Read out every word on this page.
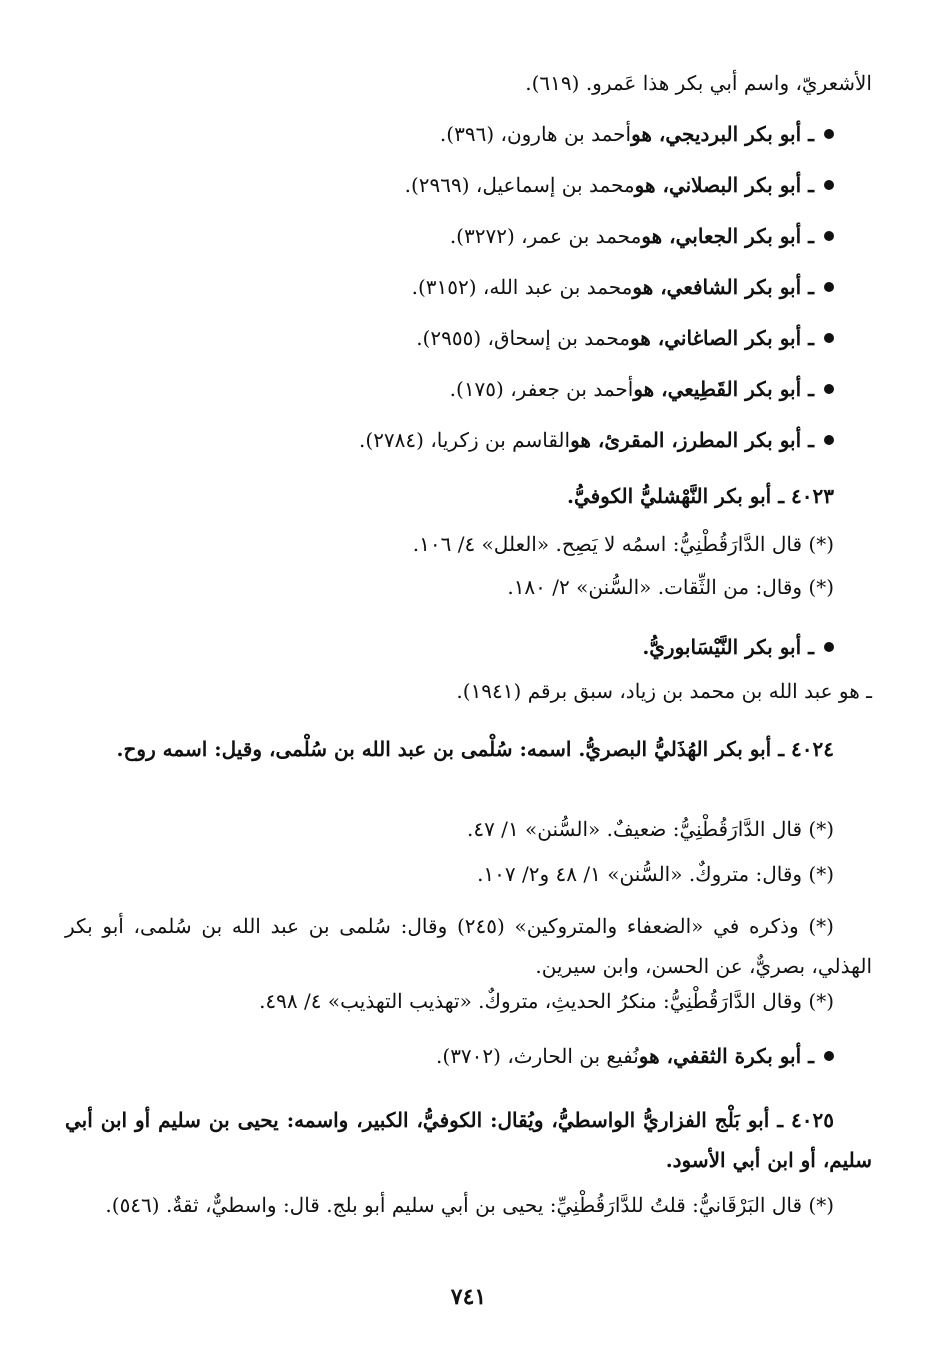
الأشعريّ، واسم أبي بكر هذا عَمرو. (٦١٩).

ـ أبو بكر البرديجي، هو
أحمد بن هارون، (٣٩٦).
ـ أبو بكر البصلاني، هو
محمد بن إسماعيل، (٢٩٦٩).
ـ أبو بكر الجعابي، هو
محمد بن عمر، (٣٢٧٢).
ـ أبو بكر الشافعي، هو
محمد بن عبد الله، (٣١٥٢).
ـ أبو بكر الصاغاني، هو
محمد بن إسحاق، (٢٩٥٥).
ـ أبو بكر القَطِيعي، هو
أحمد بن جعفر، (١٧٥).
ـ أبو بكر المطرز، المقرئ، هو
القاسم بن زكريا، (٢٧٨٤).

٤٠٢٣ ـ أبو بكر النَّهْشليُّ الكوفيُّ.

(*) قال الدَّارَقُطْنِيُّ: اسمُه لا يَصِح. «العلل» ٤/ ١٠٦.

(*) وقال: من الثِّقات. «السُّنن» ٢/ ١٨٠.

ـ أبو بكر النَّيْسَابوريُّ.

ـ هو عبد الله بن محمد بن زياد، سبق برقم (١٩٤١).

٤٠٢٤ ـ أبو بكر الهُذَليُّ البصريُّ. اسمه: سُلْمى بن عبد الله بن سُلْمى، وقيل: اسمه روح.

(*) قال الدَّارَقُطْنِيُّ: ضعيفٌ. «السُّنن» ١/ ٤٧.

(*) وقال: متروكٌ. «السُّنن» ١/ ٤٨ و٢/ ١٠٧.

(*) وذكره في «الضعفاء والمتروكين» (٢٤٥) وقال: سُلمى بن عبد الله بن سُلمى، أبو بكر الهذلي، بصريٌّ، عن الحسن، وابن سيرين.

(*) وقال الدَّارَقُطْنِيُّ: منكرُ الحديثِ، متروكٌ. «تهذيب التهذيب» ٤/ ٤٩٨.

ـ أبو بكرة الثقفي، هو
نُفيع بن الحارث، (٣٧٠٢).

٤٠٢٥ ـ أبو بَلْج الفزاريُّ الواسطيُّ، ويُقال: الكوفيُّ، الكبير، واسمه: يحيى بن سليم أو ابن أبي سليم، أو ابن أبي الأسود.

(*) قال البَرْقَانيُّ: قلتُ للدَّارَقُطْنِيِّ: يحيى بن أبي سليم أبو بلج. قال: واسطيٌّ، ثقةٌ. (٥٤٦).

٧٤١
